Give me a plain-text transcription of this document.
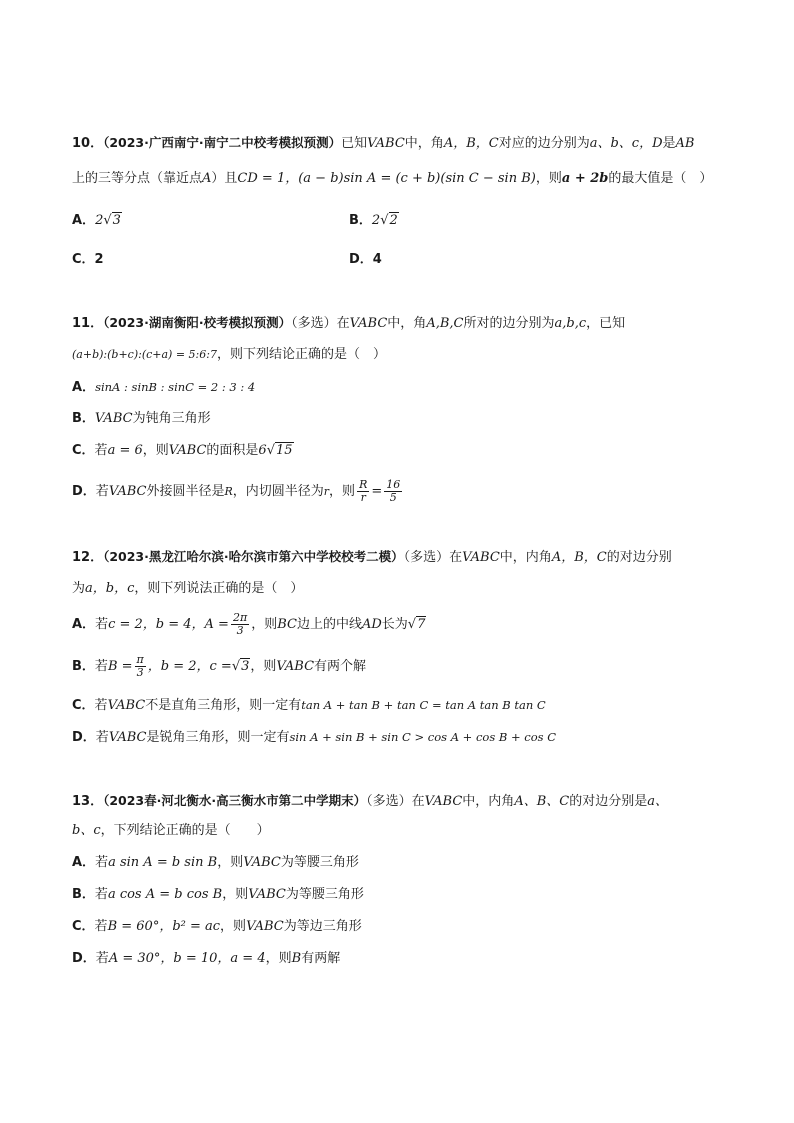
10．（2023·广西南宁·南宁二中校考模拟预测）已知VABC中，角A，B，C对应的边分别为a、b、c，D是AB
上的三等分点（靠近点A）且CD = 1，(a − b)sin A = (c + b)(sin C − sin B)，则a + 2b的最大值是（　）
A．2√3	B．2√2
C．2	D．4
11．（2023·湖南衡阳·校考模拟预测）（多选）在VABC中，角A,B,C所对的边分别为a,b,c，已知
(a+b):(b+c):(c+a) = 5:6:7，则下列结论正确的是（　）
A．sinA : sinB : sinC = 2 : 3 : 4
B．VABC为钝角三角形
C．若a = 6，则VABC的面积是6√15
D．若VABC外接圆半径是R，内切圆半径为r，则 $\frac{R}{r} = \frac{16}{5}$
12．（2023·黑龙江哈尔滨·哈尔滨市第六中学校校考二模）（多选）在VABC中，内角A，B，C的对边分别
为a，b，c，则下列说法正确的是（　）
A．若c = 2，b = 4，$A = \frac{2\pi}{3}$ ，则BC边上的中线AD长为√7
B．若$B = \frac{\pi}{3}$ ，b = 2，c =√3，则VABC有两个解
C．若VABC不是直角三角形，则一定有tan A + tan B + tan C = tan A tan B tan C
D．若VABC是锐角三角形，则一定有sin A + sin B + sin C > cos A + cos B + cos C
13．（2023春·河北衡水·高三衡水市第二中学期末）（多选）在VABC中，内角A、B、C的对边分别是a、
b、c，下列结论正确的是（　　）
A．若a sin A = b sin B，则VABC为等腰三角形
B．若a cos A = b cos B，则VABC为等腰三角形
C．若B = 60°，b² = ac，则VABC为等边三角形
D．若A = 30°，b = 10，a = 4，则B有两解
